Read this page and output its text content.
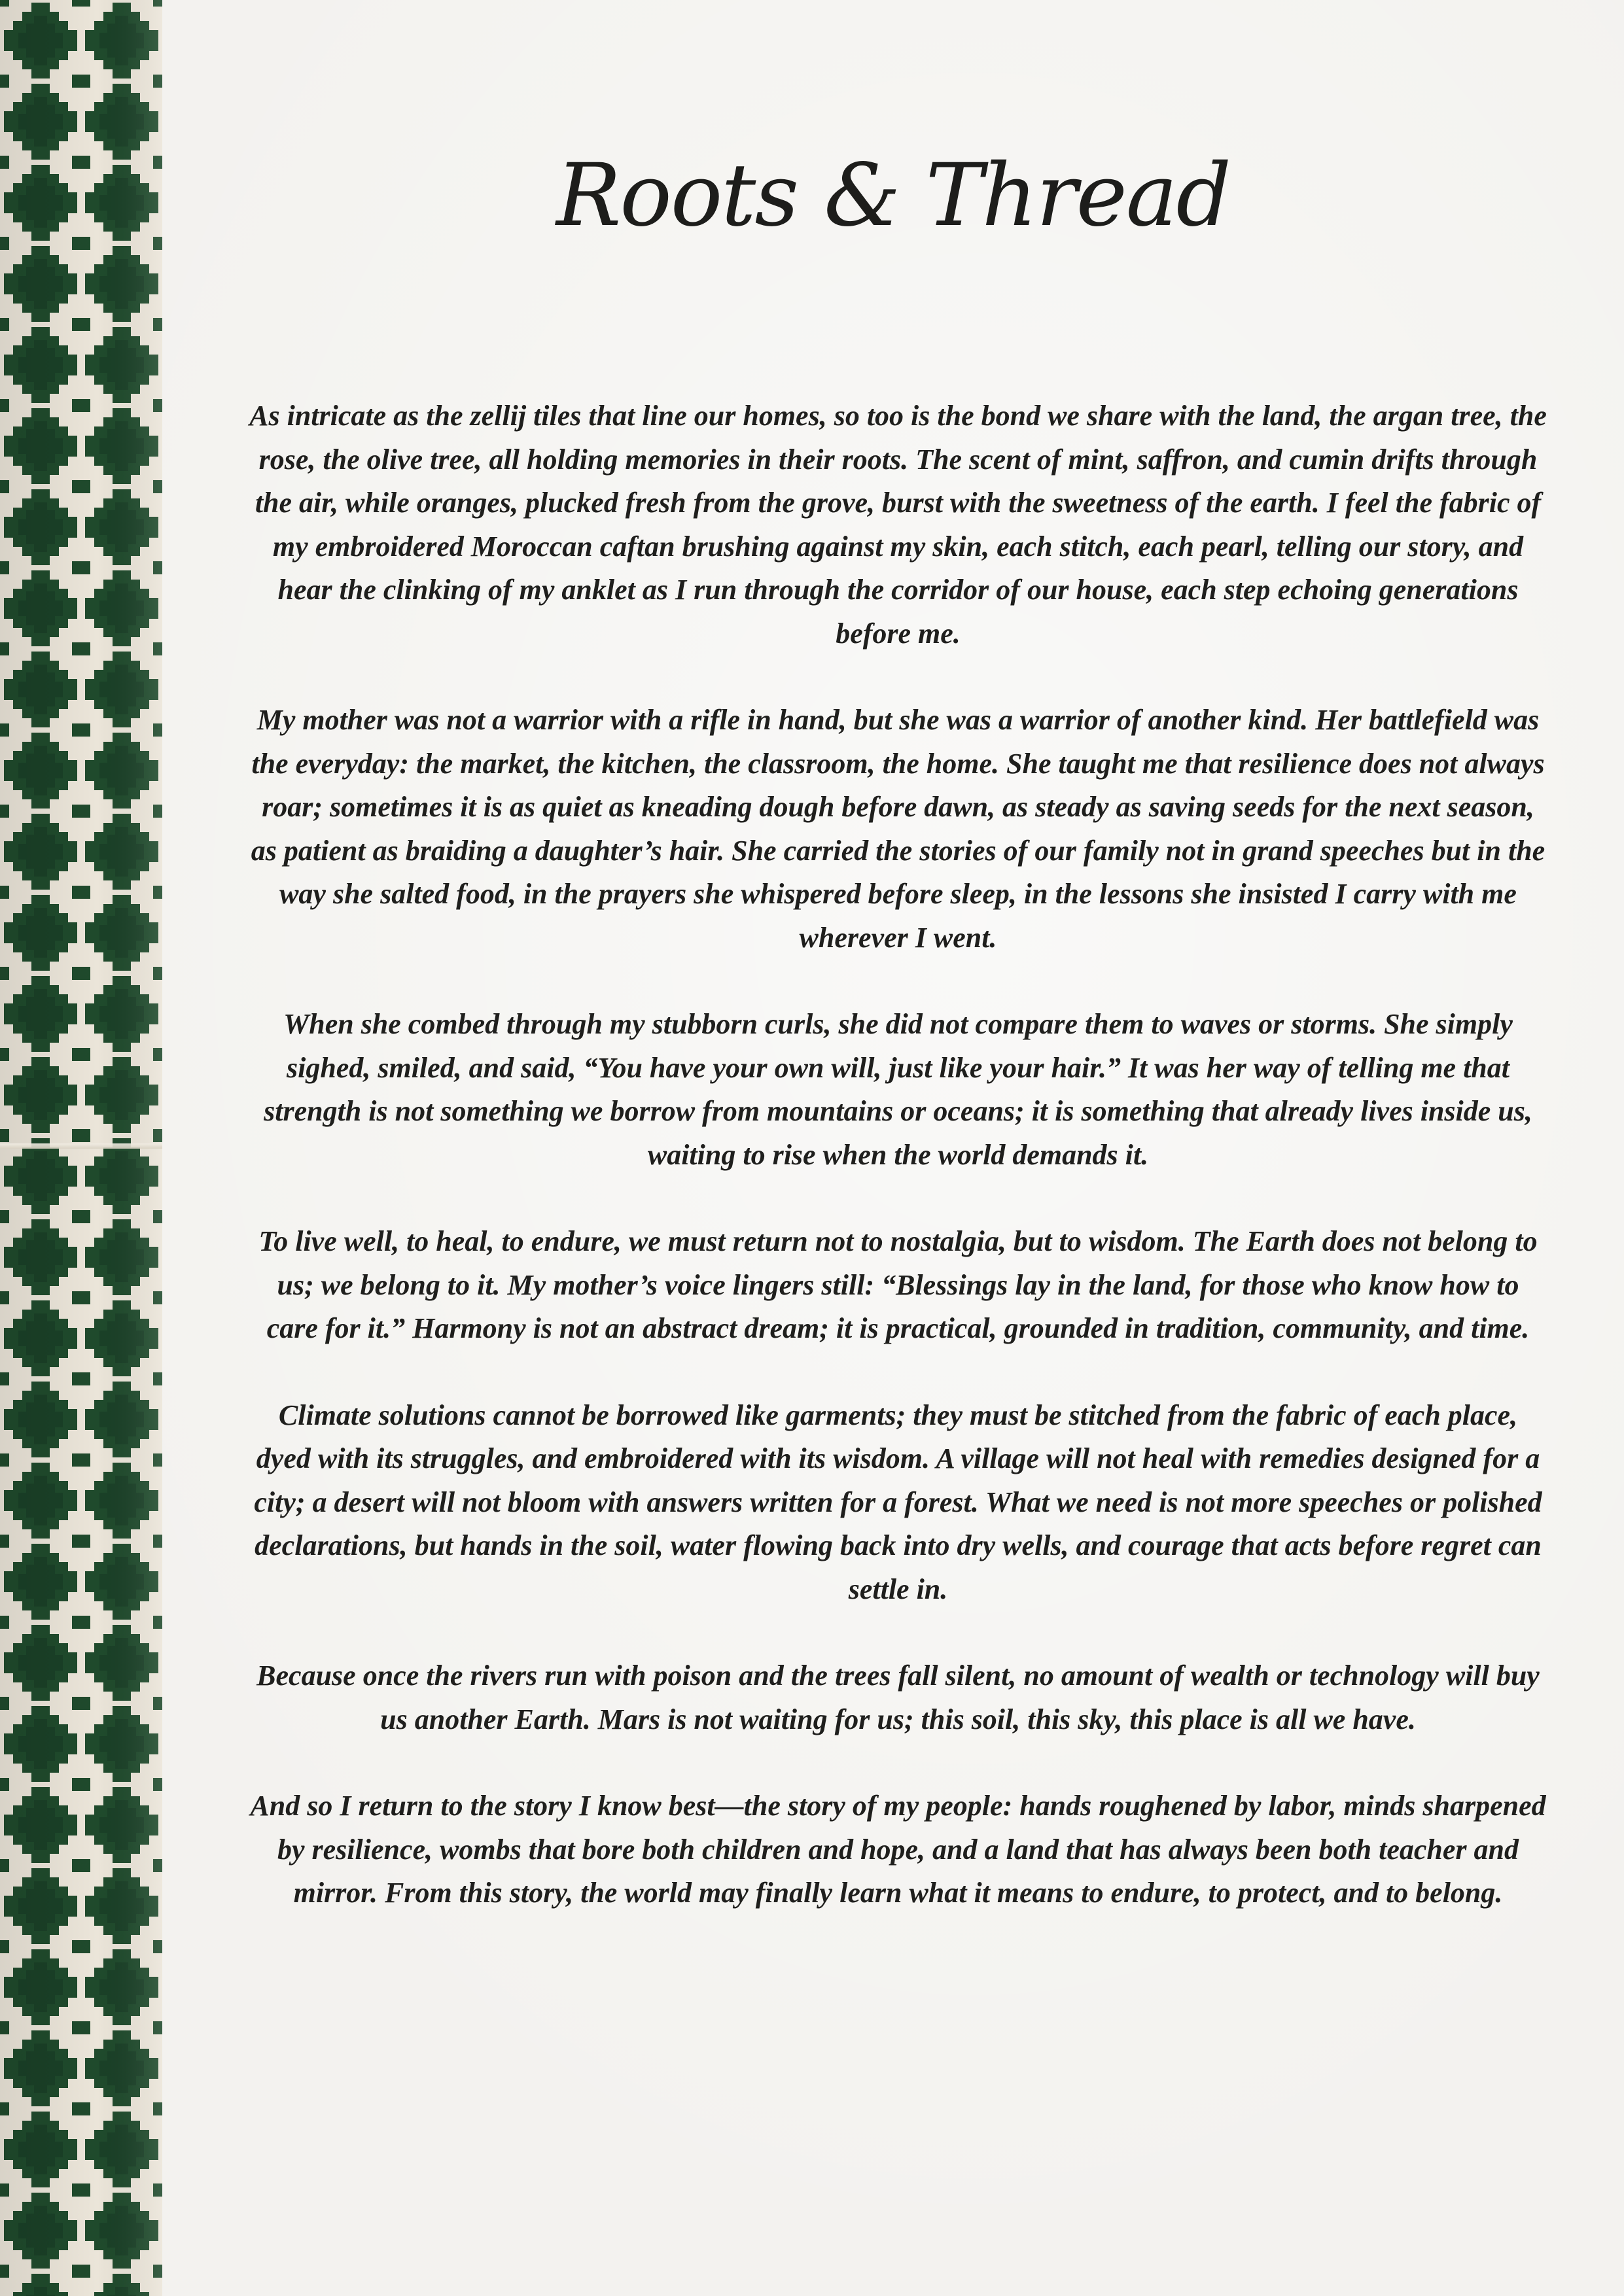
Roots & Thread

As intricate as the zellij tiles that line our homes, so too is the bond we share with the land, the argan tree, the rose, the olive tree, all holding memories in their roots. The scent of mint, saffron, and cumin drifts through the air, while oranges, plucked fresh from the grove, burst with the sweetness of the earth. I feel the fabric of my embroidered Moroccan caftan brushing against my skin, each stitch, each pearl, telling our story, and hear the clinking of my anklet as I run through the corridor of our house, each step echoing generations before me.

My mother was not a warrior with a rifle in hand, but she was a warrior of another kind. Her battlefield was the everyday: the market, the kitchen, the classroom, the home. She taught me that resilience does not always roar; sometimes it is as quiet as kneading dough before dawn, as steady as saving seeds for the next season, as patient as braiding a daughter’s hair. She carried the stories of our family not in grand speeches but in the way she salted food, in the prayers she whispered before sleep, in the lessons she insisted I carry with me wherever I went.

When she combed through my stubborn curls, she did not compare them to waves or storms. She simply sighed, smiled, and said, “You have your own will, just like your hair.” It was her way of telling me that strength is not something we borrow from mountains or oceans; it is something that already lives inside us, waiting to rise when the world demands it.

To live well, to heal, to endure, we must return not to nostalgia, but to wisdom. The Earth does not belong to us; we belong to it. My mother’s voice lingers still: “Blessings lay in the land, for those who know how to care for it.” Harmony is not an abstract dream; it is practical, grounded in tradition, community, and time.

Climate solutions cannot be borrowed like garments; they must be stitched from the fabric of each place, dyed with its struggles, and embroidered with its wisdom. A village will not heal with remedies designed for a city; a desert will not bloom with answers written for a forest. What we need is not more speeches or polished declarations, but hands in the soil, water flowing back into dry wells, and courage that acts before regret can settle in.

Because once the rivers run with poison and the trees fall silent, no amount of wealth or technology will buy us another Earth. Mars is not waiting for us; this soil, this sky, this place is all we have.

And so I return to the story I know best—the story of my people: hands roughened by labor, minds sharpened by resilience, wombs that bore both children and hope, and a land that has always been both teacher and mirror. From this story, the world may finally learn what it means to endure, to protect, and to belong.
